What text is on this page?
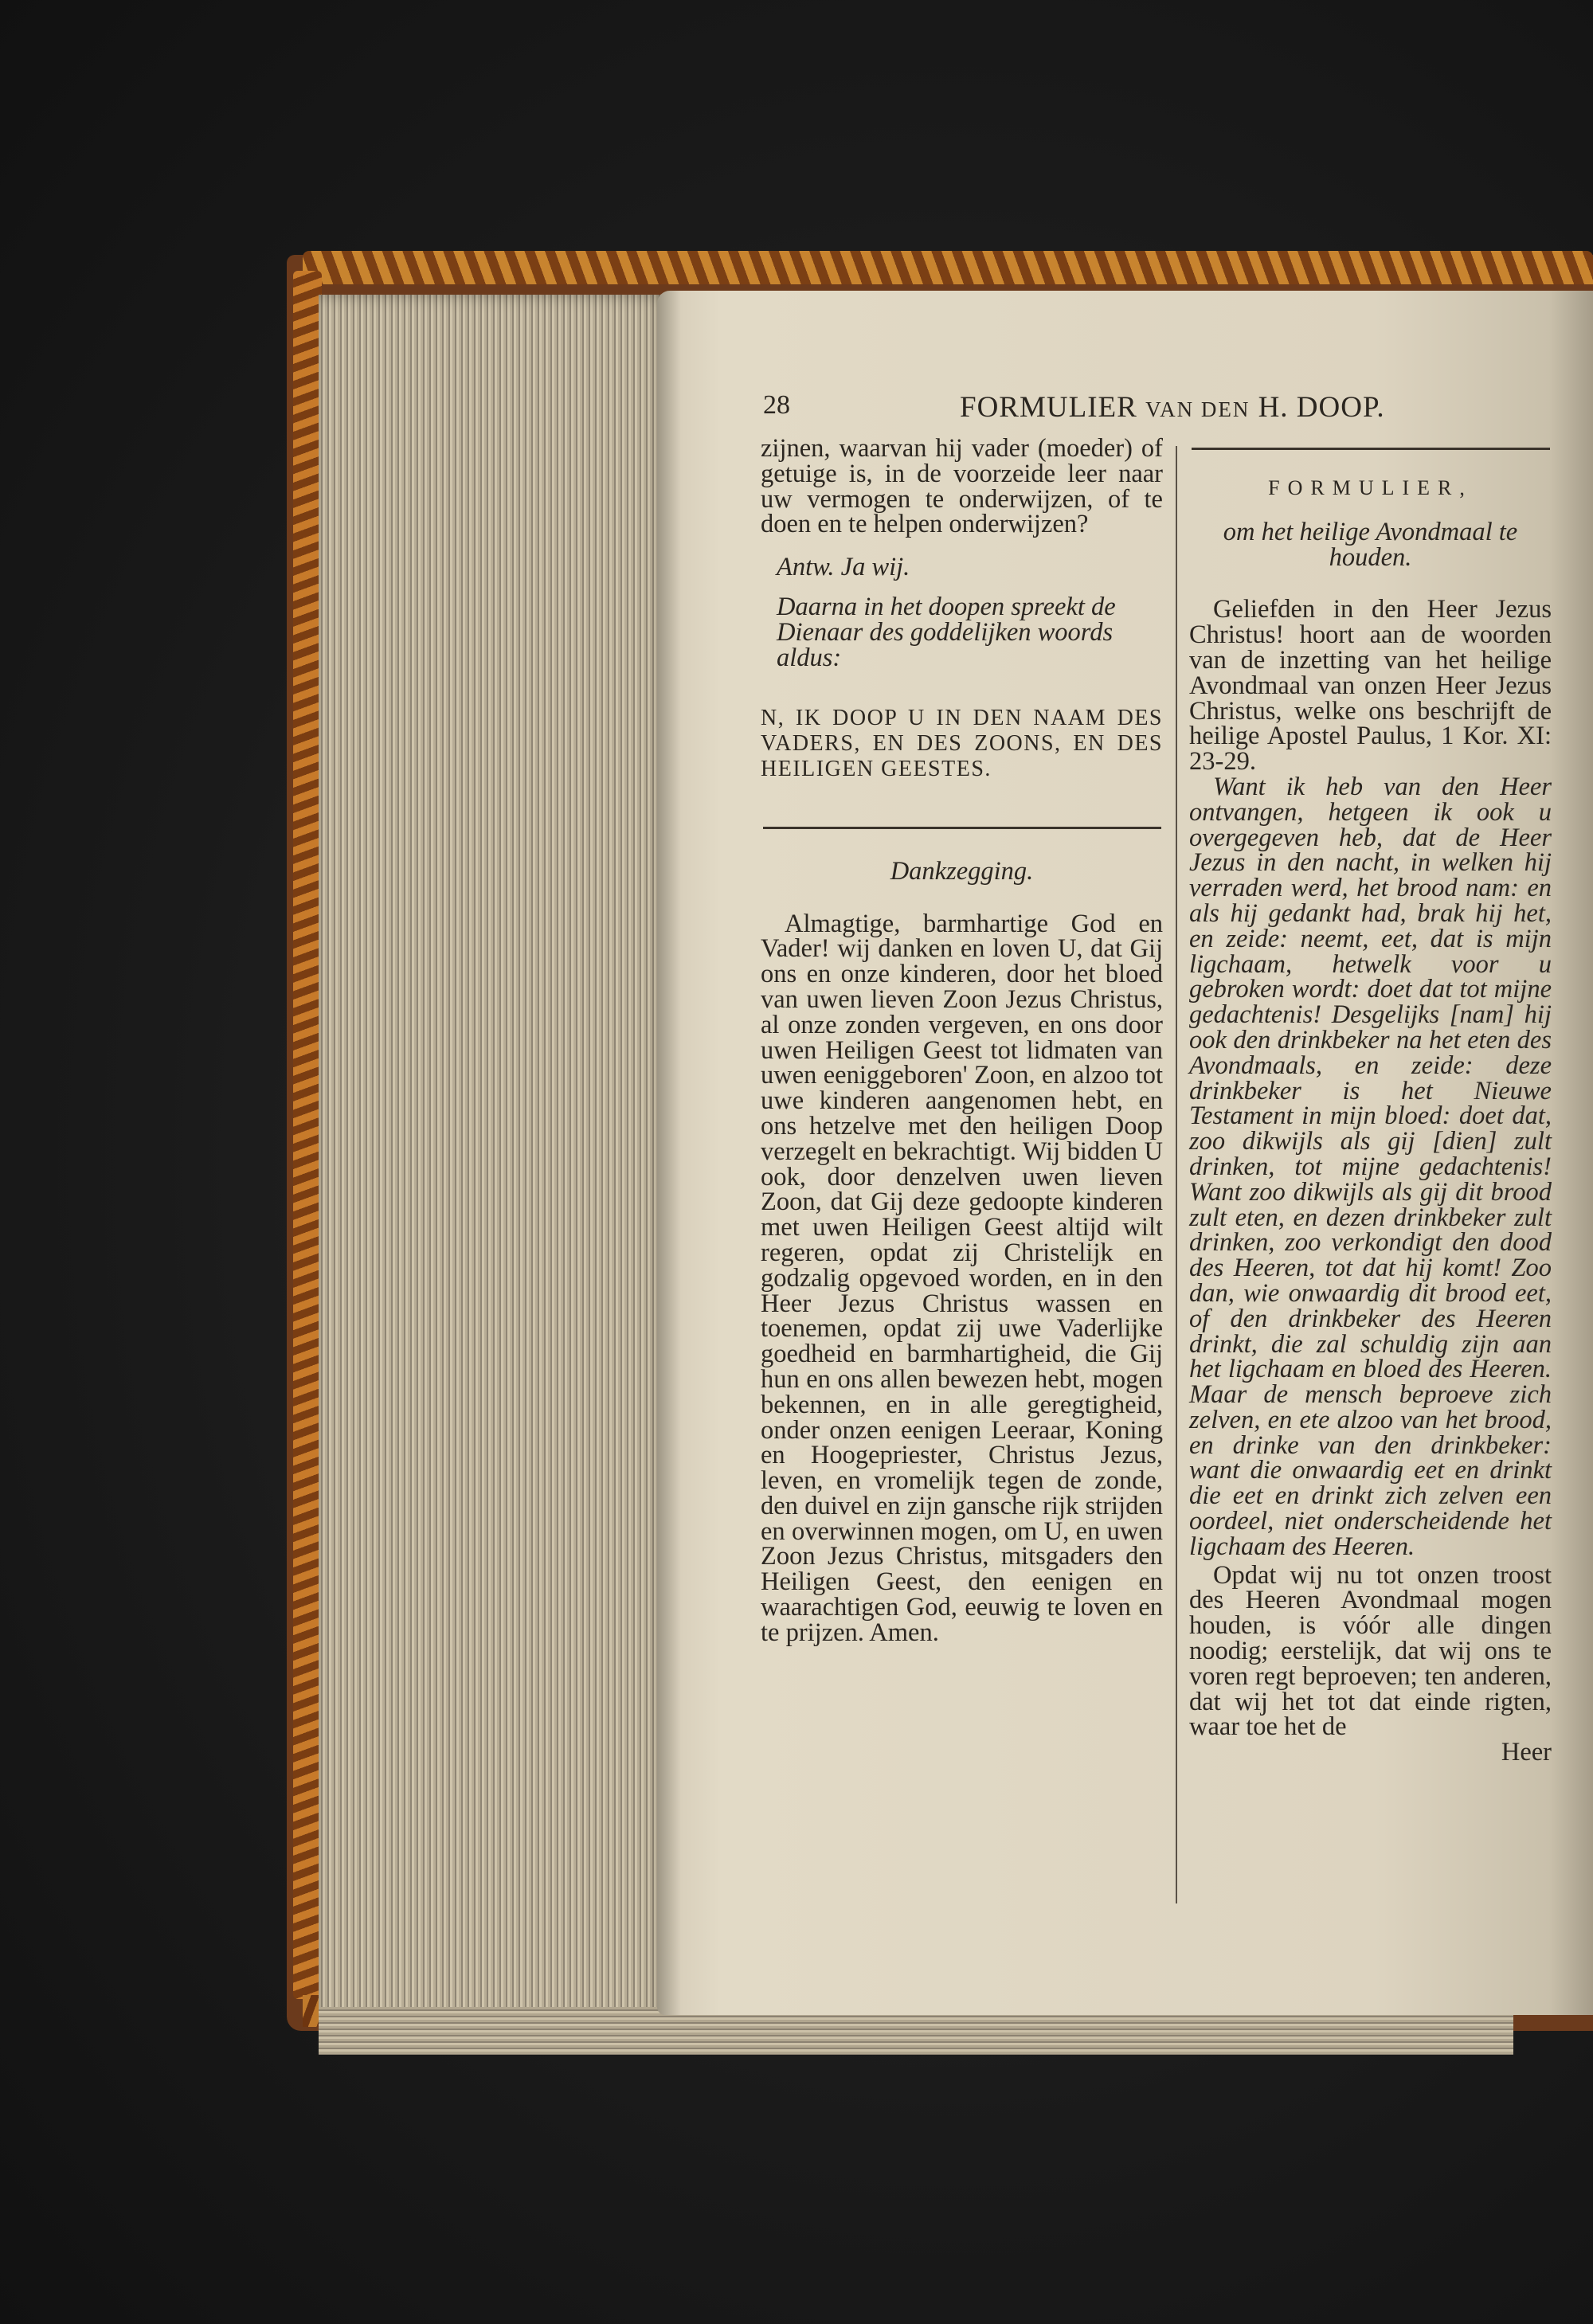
28	FORMULIER VAN DEN H. DOOP.

zijnen, waarvan hij vader (moeder) of getuige is, in de voorzeide leer naar uw vermogen te onderwijzen, of te doen en te helpen onderwijzen?

Antw. Ja wij.

Daarna in het doopen spreekt de Dienaar des goddelijken woords aldus:

N, IK DOOP U IN DEN NAAM DES VADERS, EN DES ZOONS, EN DES HEILIGEN GEESTES.

Dankzegging.

Almagtige, barmhartige God en Vader! wij danken en loven U, dat Gij ons en onze kinderen, door het bloed van uwen lieven Zoon Jezus Christus, al onze zonden vergeven, en ons door uwen Heiligen Geest tot lidmaten van uwen eeniggeboren' Zoon, en alzoo tot uwe kinderen aangenomen hebt, en ons hetzelve met den heiligen Doop verzegelt en bekrachtigt. Wij bidden U ook, door denzelven uwen lieven Zoon, dat Gij deze gedoopte kinderen met uwen Heiligen Geest altijd wilt regeren, opdat zij Christelijk en godzalig opgevoed worden, en in den Heer Jezus Christus wassen en toenemen, opdat zij uwe Vaderlijke goedheid en barmhartigheid, die Gij hun en ons allen bewezen hebt, mogen bekennen, en in alle geregtigheid, onder onzen eenigen Leeraar, Koning en Hoogepriester, Christus Jezus, leven, en vromelijk tegen de zonde, den duivel en zijn gansche rijk strijden en overwinnen mogen, om U, en uwen Zoon Jezus Christus, mitsgaders den Heiligen Geest, den eenigen en waarachtigen God, eeuwig te loven en te prijzen. Amen.

FORMULIER,

om het heilige Avondmaal te houden.

Geliefden in den Heer Jezus Christus! hoort aan de woorden van de inzetting van het heilige Avondmaal van onzen Heer Jezus Christus, welke ons beschrijft de heilige Apostel Paulus, 1 Kor. XI: 23-29.

Want ik heb van den Heer ontvangen, hetgeen ik ook u overgegeven heb, dat de Heer Jezus in den nacht, in welken hij verraden werd, het brood nam: en als hij gedankt had, brak hij het, en zeide: neemt, eet, dat is mijn ligchaam, hetwelk voor u gebroken wordt: doet dat tot mijne gedachtenis! Desgelijks [nam] hij ook den drinkbeker na het eten des Avondmaals, en zeide: deze drinkbeker is het Nieuwe Testament in mijn bloed: doet dat, zoo dikwijls als gij [dien] zult drinken, tot mijne gedachtenis! Want zoo dikwijls als gij dit brood zult eten, en dezen drinkbeker zult drinken, zoo verkondigt den dood des Heeren, tot dat hij komt! Zoo dan, wie onwaardig dit brood eet, of den drinkbeker des Heeren drinkt, die zal schuldig zijn aan het ligchaam en bloed des Heeren. Maar de mensch beproeve zich zelven, en ete alzoo van het brood, en drinke van den drinkbeker: want die onwaardig eet en drinkt die eet en drinkt zich zelven een oordeel, niet onderscheidende het ligchaam des Heeren.

Opdat wij nu tot onzen troost des Heeren Avondmaal mogen houden, is vóór alle dingen noodig; eerstelijk, dat wij ons te voren regt beproeven; ten anderen, dat wij het tot dat einde rigten, waar toe het de

Heer
